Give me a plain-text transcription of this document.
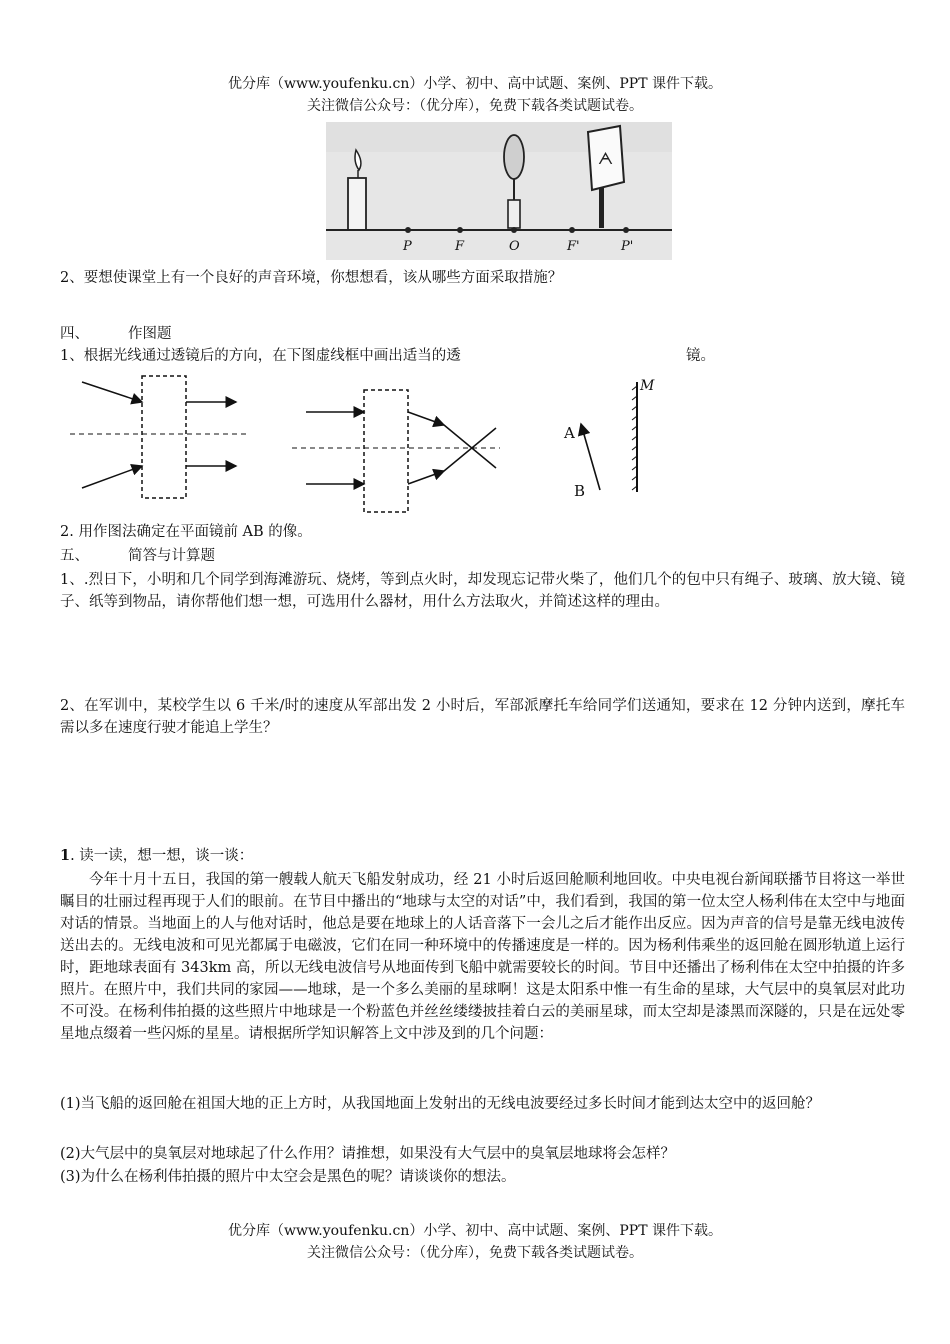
优分库（www.youfenku.cn）小学、初中、高中试题、案例、PPT 课件下载。
关注微信公众号：（优分库），免费下载各类试题试卷。
ᗅ
P	F	O	F'	P'
2、要想使课堂上有一个良好的声音环境，你想想看，该从哪些方面采取措施？
四、	作图题
1、根据光线通过透镜后的方向，在下图虚线框中画出适当的透	镜。
A
B
M
2. 用作图法确定在平面镜前 AB 的像。
五、	简答与计算题
1、.烈日下，小明和几个同学到海滩游玩、烧烤，等到点火时，却发现忘记带火柴了，他们几个的包中只有绳子、玻璃、放大镜、镜子、纸等到物品，请你帮他们想一想，可选用什么器材，用什么方法取火，并简述这样的理由。
2、在军训中，某校学生以 6 千米/时的速度从军部出发 2 小时后，军部派摩托车给同学们送通知，要求在 12 分钟内送到，摩托车需以多在速度行驶才能追上学生？
1. 读一读，想一想，谈一谈：
今年十月十五日，我国的第一艘载人航天飞船发射成功，经 21 小时后返回舱顺利地回收。中央电视台新闻联播节目将这一举世瞩目的壮丽过程再现于人们的眼前。在节目中播出的“地球与太空的对话”中，我们看到，我国的第一位太空人杨利伟在太空中与地面对话的情景。当地面上的人与他对话时，他总是要在地球上的人话音落下一会儿之后才能作出反应。因为声音的信号是靠无线电波传送出去的。无线电波和可见光都属于电磁波，它们在同一种环境中的传播速度是一样的。因为杨利伟乘坐的返回舱在圆形轨道上运行时，距地球表面有 343km 高，所以无线电波信号从地面传到飞船中就需要较长的时间。节目中还播出了杨利伟在太空中拍摄的许多照片。在照片中，我们共同的家园——地球，是一个多么美丽的星球啊！这是太阳系中惟一有生命的星球，大气层中的臭氧层对此功不可没。在杨利伟拍摄的这些照片中地球是一个粉蓝色并丝丝缕缕披挂着白云的美丽星球，而太空却是漆黑而深隧的，只是在远处零星地点缀着一些闪烁的星星。请根据所学知识解答上文中涉及到的几个问题：
(1)当飞船的返回舱在祖国大地的正上方时，从我国地面上发射出的无线电波要经过多长时间才能到达太空中的返回舱？
(2)大气层中的臭氧层对地球起了什么作用？请推想，如果没有大气层中的臭氧层地球将会怎样？
(3)为什么在杨利伟拍摄的照片中太空会是黑色的呢？请谈谈你的想法。
优分库（www.youfenku.cn）小学、初中、高中试题、案例、PPT 课件下载。
关注微信公众号：（优分库），免费下载各类试题试卷。
